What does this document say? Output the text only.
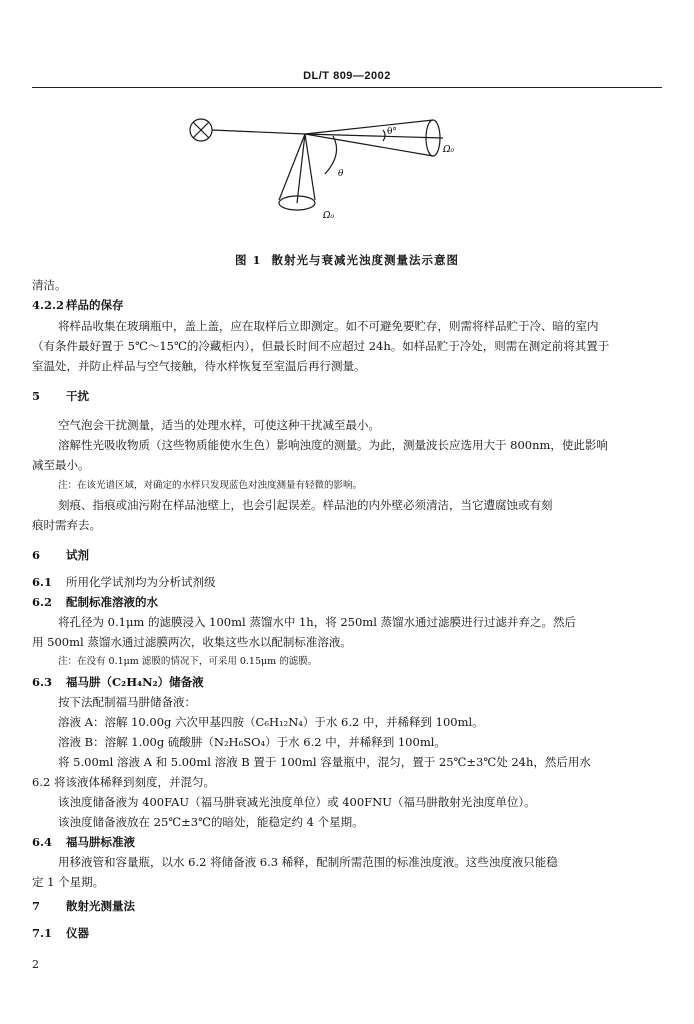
DL/T 809—2002
θ°
Ω₀
θ
Ω₀
图 1 散射光与衰减光浊度测量法示意图
清洁。
4.2.2 样品的保存
将样品收集在玻璃瓶中，盖上盖，应在取样后立即测定。如不可避免要贮存，则需将样品贮于冷、暗的室内
（有条件最好置于 5℃～15℃的冷藏柜内），但最长时间不应超过 24h。如样品贮于冷处，则需在测定前将其置于
室温处，并防止样品与空气接触，待水样恢复至室温后再行测量。
5 干扰
空气泡会干扰测量，适当的处理水样，可使这种干扰减至最小。
溶解性光吸收物质（这些物质能使水生色）影响浊度的测量。为此，测量波长应选用大于 800nm，使此影响
减至最小。
注：在该光谱区域，对确定的水样只发现蓝色对浊度测量有轻微的影响。
刻痕、指痕或油污附在样品池壁上，也会引起误差。样品池的内外壁必须清洁，当它遭腐蚀或有刻
痕时需弃去。
6 试剂
6.1 所用化学试剂均为分析试剂级
6.2 配制标准溶液的水
将孔径为 0.1μm 的滤膜浸入 100ml 蒸馏水中 1h，将 250ml 蒸馏水通过滤膜进行过滤并弃之。然后
用 500ml 蒸馏水通过滤膜两次，收集这些水以配制标准溶液。
注：在没有 0.1μm 滤膜的情况下，可采用 0.15μm 的滤膜。
6.3 福马肼（C₂H₄N₂）储备液
按下法配制福马肼储备液：
溶液 A：溶解 10.00g 六次甲基四胺（C₆H₁₂N₄）于水 6.2 中，并稀释到 100ml。
溶液 B：溶解 1.00g 硫酸肼（N₂H₆SO₄）于水 6.2 中，并稀释到 100ml。
将 5.00ml 溶液 A 和 5.00ml 溶液 B 置于 100ml 容量瓶中，混匀，置于 25℃±3℃处 24h，然后用水
6.2 将该液体稀释到刻度，并混匀。
该浊度储备液为 400FAU（福马肼衰减光浊度单位）或 400FNU（福马肼散射光浊度单位）。
该浊度储备液放在 25℃±3℃的暗处，能稳定约 4 个星期。
6.4 福马肼标准液
用移液管和容量瓶，以水 6.2 将储备液 6.3 稀释，配制所需范围的标准浊度液。这些浊度液只能稳
定 1 个星期。
7 散射光测量法
7.1 仪器
2
